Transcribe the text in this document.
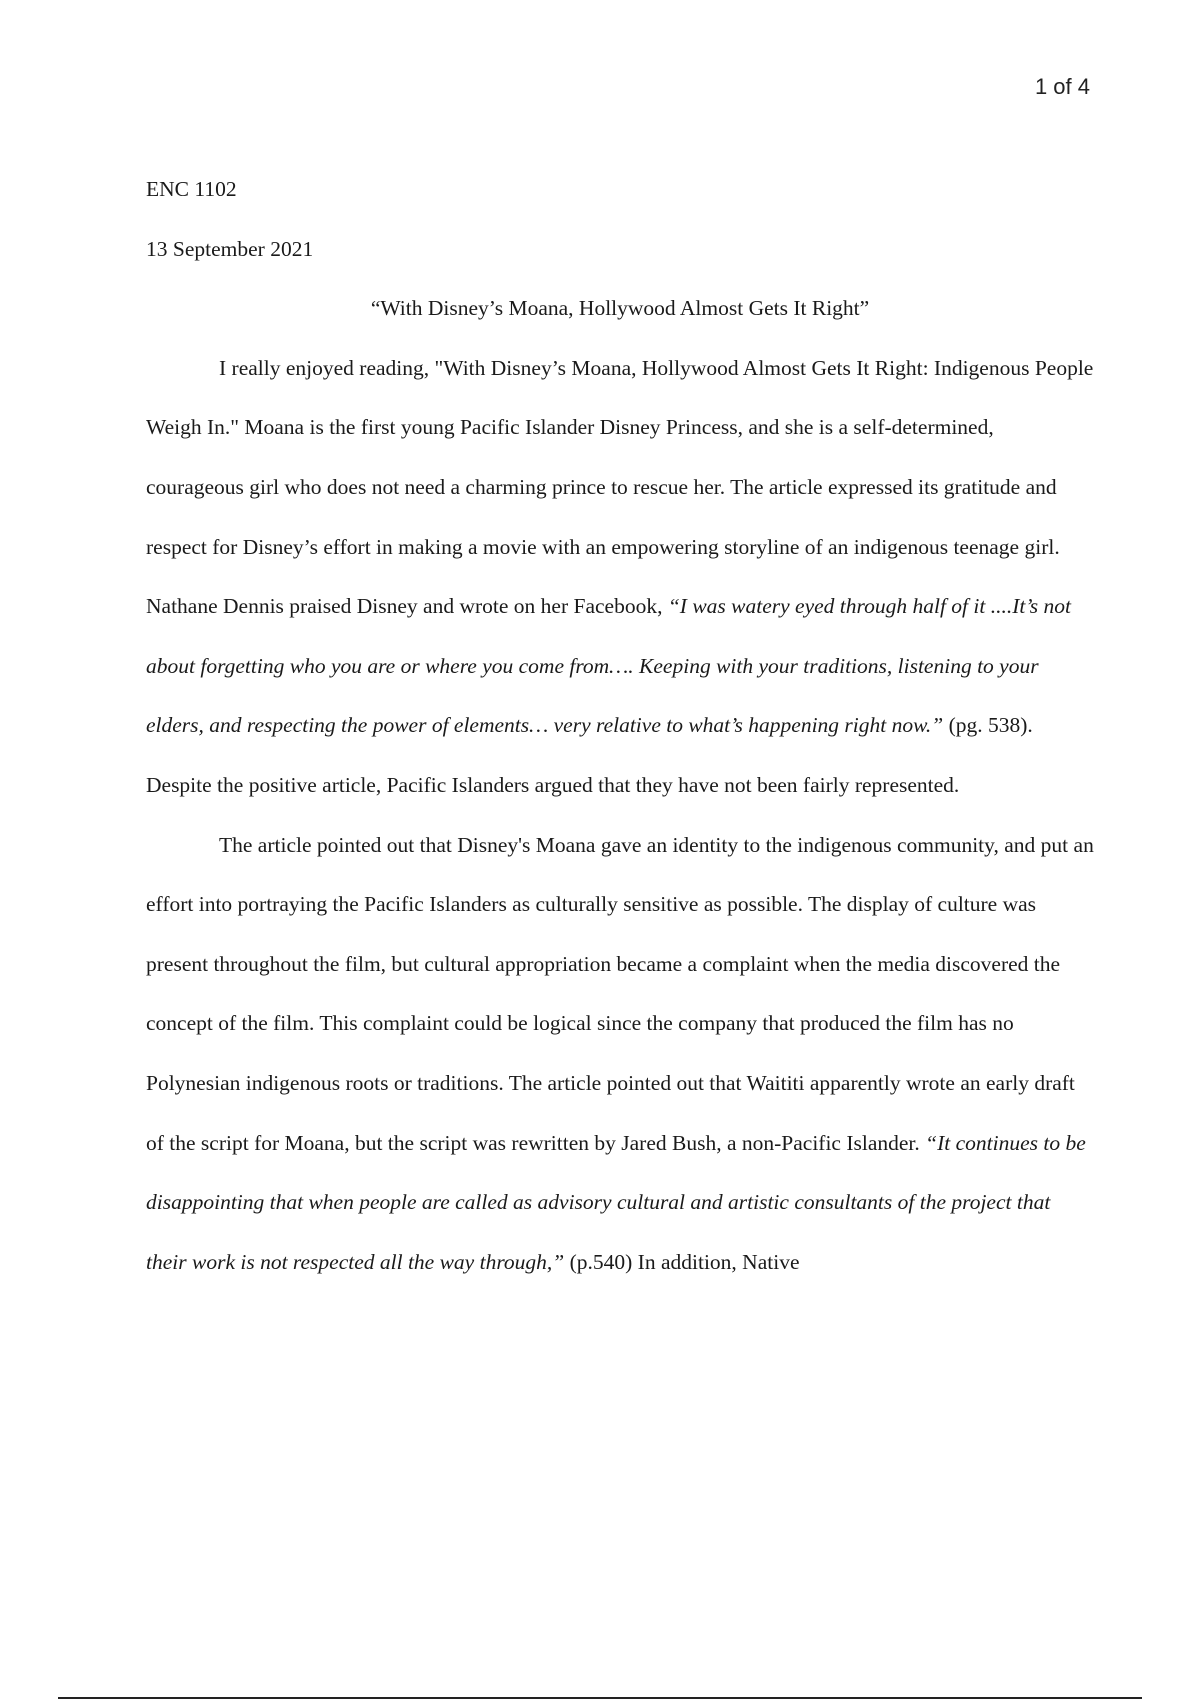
1 of 4

ENC 1102

13 September 2021

“With Disney’s Moana, Hollywood Almost Gets It Right”

I really enjoyed reading, "With Disney’s Moana, Hollywood Almost Gets It Right: Indigenous People Weigh In." Moana is the first young Pacific Islander Disney Princess, and she is a self-determined, courageous girl who does not need a charming prince to rescue her. The article expressed its gratitude and respect for Disney’s effort in making a movie with an empowering storyline of an indigenous teenage girl. Nathane Dennis praised Disney and wrote on her Facebook, “I was watery eyed through half of it ....It’s not about forgetting who you are or where you come from…. Keeping with your traditions, listening to your elders, and respecting the power of elements… very relative to what’s happening right now.” (pg. 538). Despite the positive article, Pacific Islanders argued that they have not been fairly represented.

The article pointed out that Disney's Moana gave an identity to the indigenous community, and put an effort into portraying the Pacific Islanders as culturally sensitive as possible. The display of culture was present throughout the film, but cultural appropriation became a complaint when the media discovered the concept of the film. This complaint could be logical since the company that produced the film has no Polynesian indigenous roots or traditions. The article pointed out that Waititi apparently wrote an early draft of the script for Moana, but the script was rewritten by Jared Bush, a non-Pacific Islander. “It continues to be disappointing that when people are called as advisory cultural and artistic consultants of the project that their work is not respected all the way through,” (p.540) In addition, Native
